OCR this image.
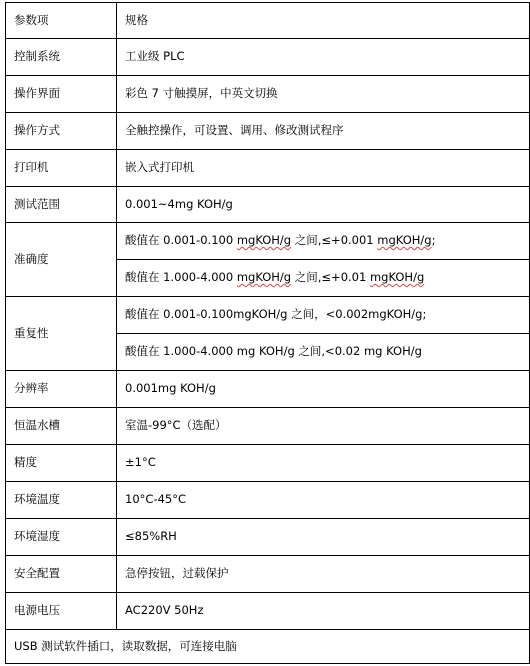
参数项	规格
控制系统	工业级 PLC
操作界面	彩色 7 寸触摸屏，中英文切换
操作方式	全触控操作，可设置、调用、修改测试程序
打印机	嵌入式打印机
测试范围	0.001~4mg KOH/g
准确度	酸值在 0.001-0.100 mgKOH/g 之间,≤+0.001 mgKOH/g;
	酸值在 1.000-4.000 mgKOH/g 之间,≤+0.01 mgKOH/g
重复性	酸值在 0.001-0.100mgKOH/g 之间，<0.002mgKOH/g;
	酸值在 1.000-4.000 mg KOH/g 之间,<0.02 mg KOH/g
分辨率	0.001mg KOH/g
恒温水槽	室温-99°C（选配）
精度	±1°C
环境温度	10°C-45°C
环境湿度	≤85%RH
安全配置	急停按钮，过载保护
电源电压	AC220V 50Hz
USB 测试软件插口，读取数据，可连接电脑	
